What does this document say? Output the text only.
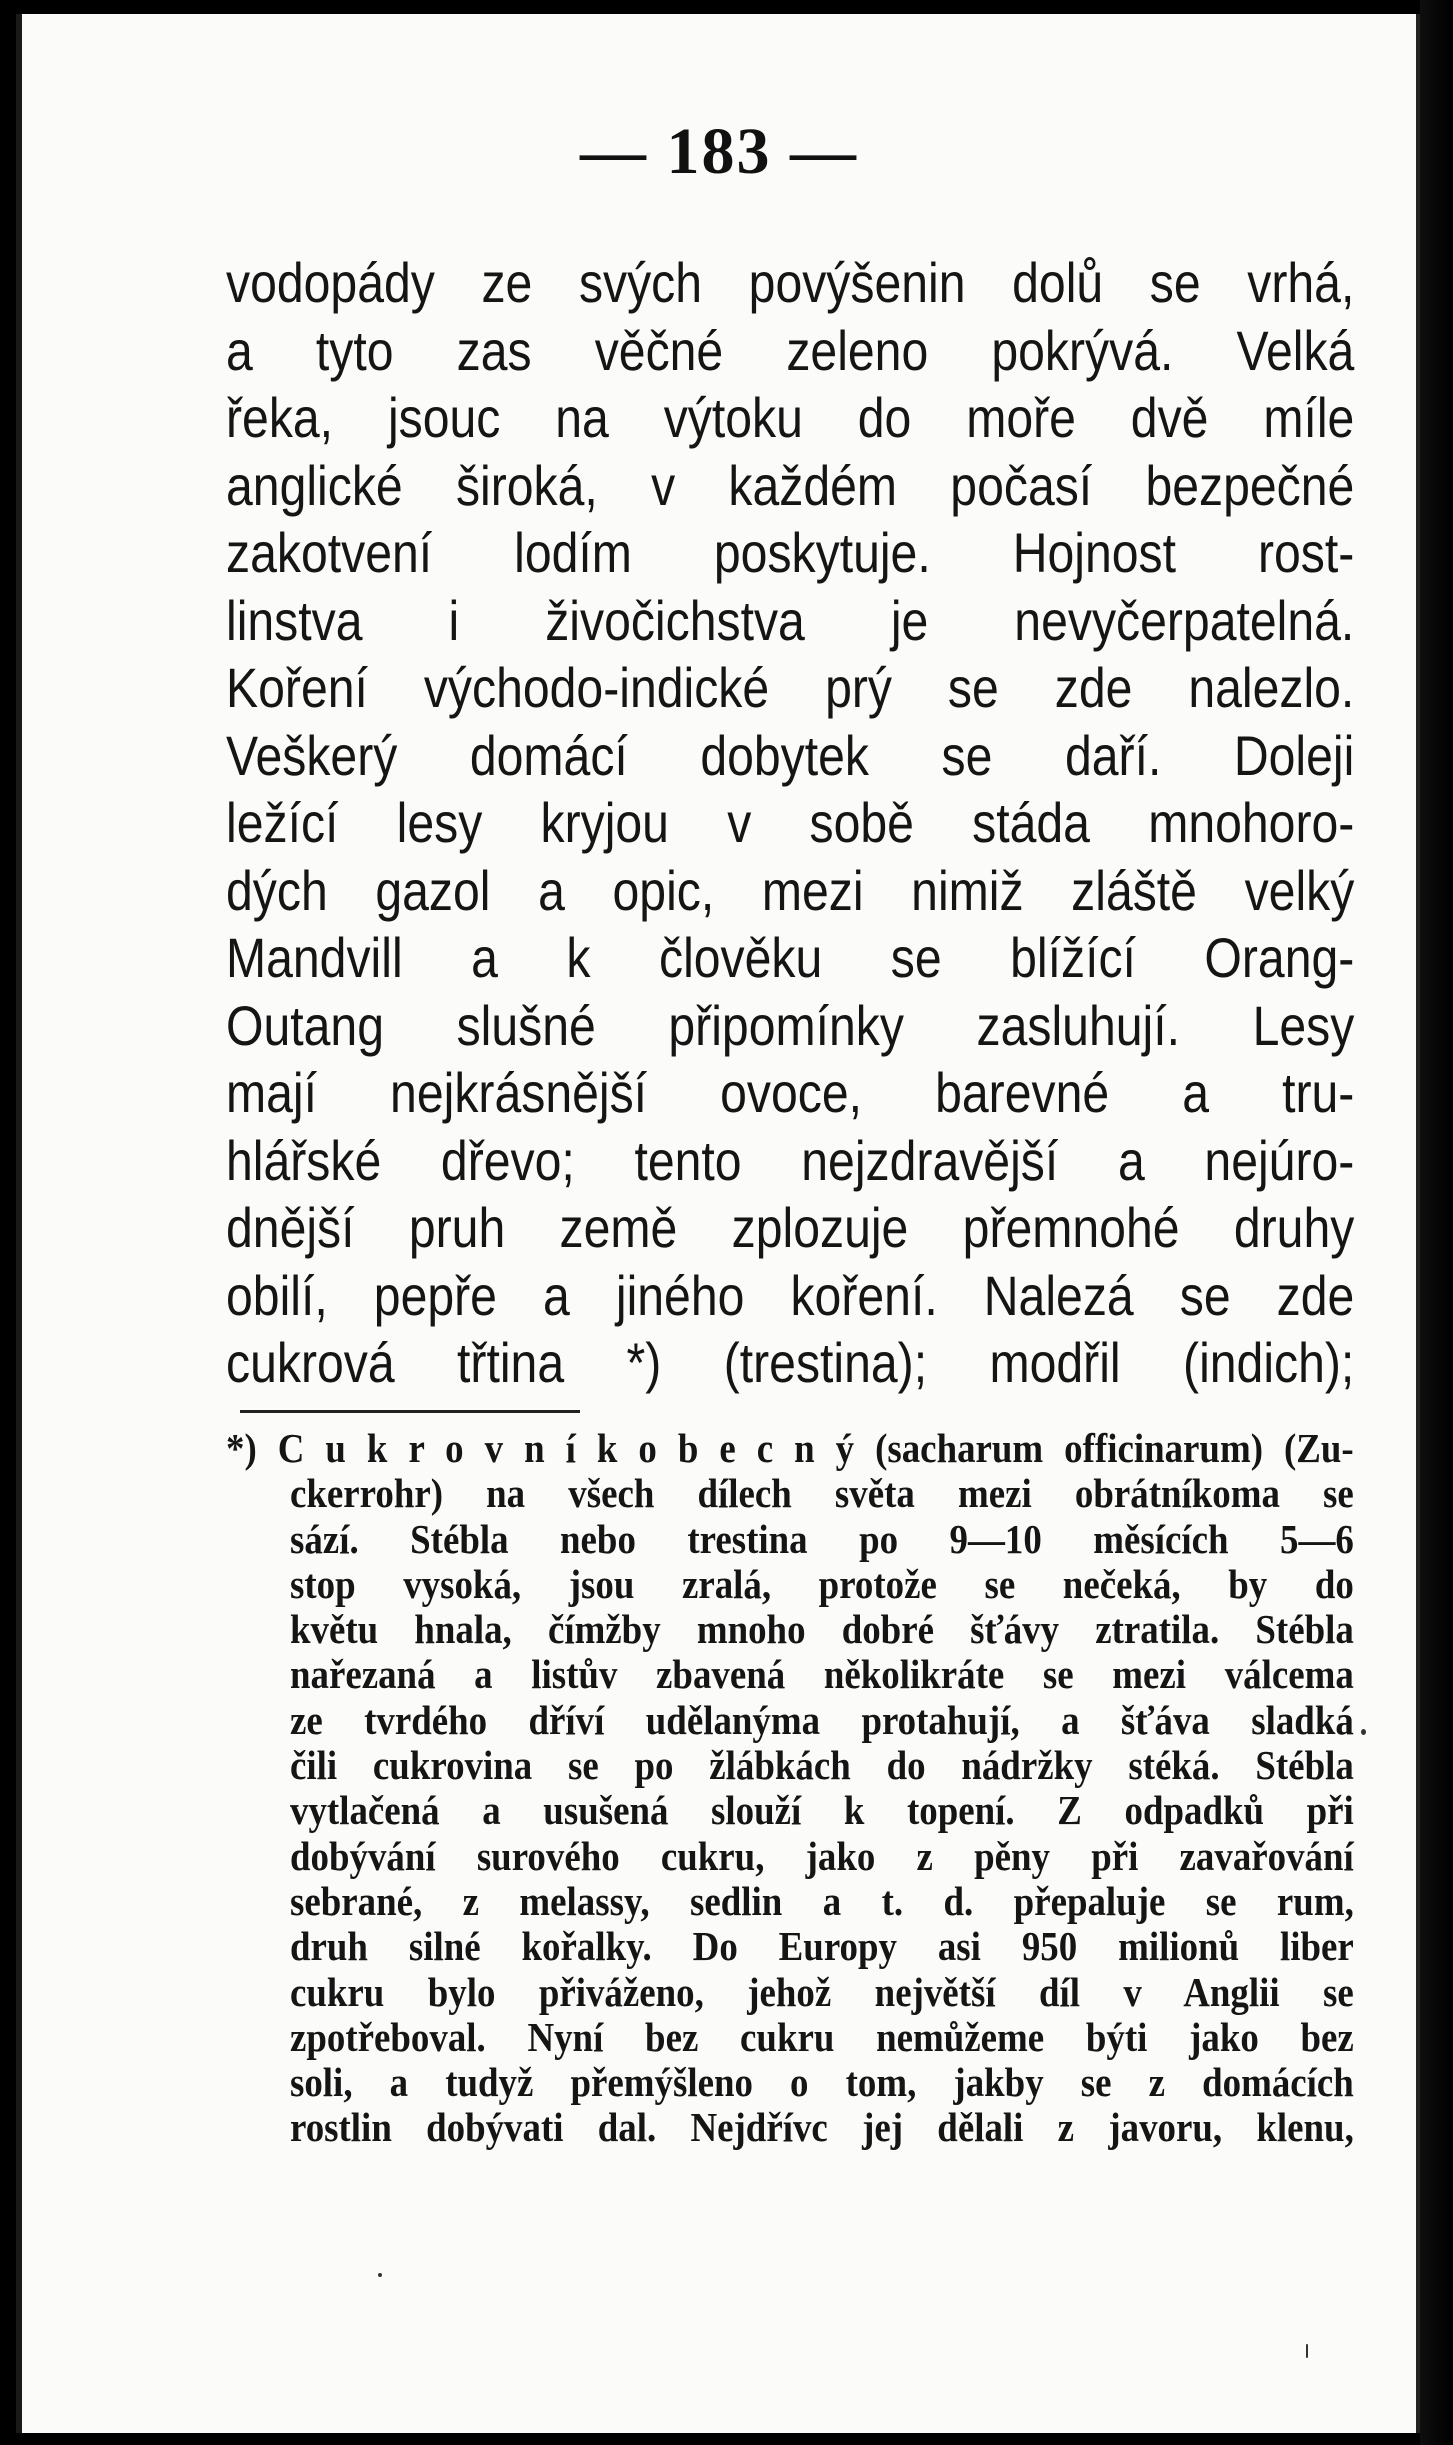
— 183 —
vodopády ze svých povýšenin dolů se vrhá,
a tyto zas věčné zeleno pokrývá. Velká
řeka, jsouc na výtoku do moře dvě míle
anglické široká, v každém počasí bezpečné
zakotvení lodím poskytuje. Hojnost rost-
linstva i živočichstva je nevyčerpatelná.
Koření východo-indické prý se zde nalezlo.
Veškerý domácí dobytek se daří. Doleji
ležící lesy kryjou v sobě stáda mnohoro-
dých gazol a opic, mezi nimiž zláště velký
Mandvill a k člověku se blížící Orang-
Outang slušné připomínky zasluhují. Lesy
mají nejkrásnější ovoce, barevné a tru-
hlářské dřevo; tento nejzdravější a nejúro-
dnější pruh země zplozuje přemnohé druhy
obilí, pepře a jiného koření. Nalezá se zde
cukrová třtina *) (trestina); modřil (indich);
*) C u k r o v n í k o b e c n ý (sacharum officinarum) (Zu-
ckerrohr) na všech dílech světa mezi obrátníkoma se
sází. Stébla nebo trestina po 9—10 měsících 5—6
stop vysoká, jsou zralá, protože se nečeká, by do
květu hnala, čímžby mnoho dobré šťávy ztratila. Stébla
nařezaná a listův zbavená několikráte se mezi válcema
ze tvrdého dříví udělanýma protahují, a šťáva sladká
čili cukrovina se po žlábkách do nádržky stéká. Stébla
vytlačená a usušená slouží k topení. Z odpadků při
dobývání surového cukru, jako z pěny při zavařování
sebrané, z melassy, sedlin a t. d. přepaluje se rum,
druh silné kořalky. Do Europy asi 950 milionů liber
cukru bylo přiváženo, jehož největší díl v Anglii se
zpotřeboval. Nyní bez cukru nemůžeme býti jako bez
soli, a tudyž přemýšleno o tom, jakby se z domácích
rostlin dobývati dal. Nejdřívc jej dělali z javoru, klenu,
